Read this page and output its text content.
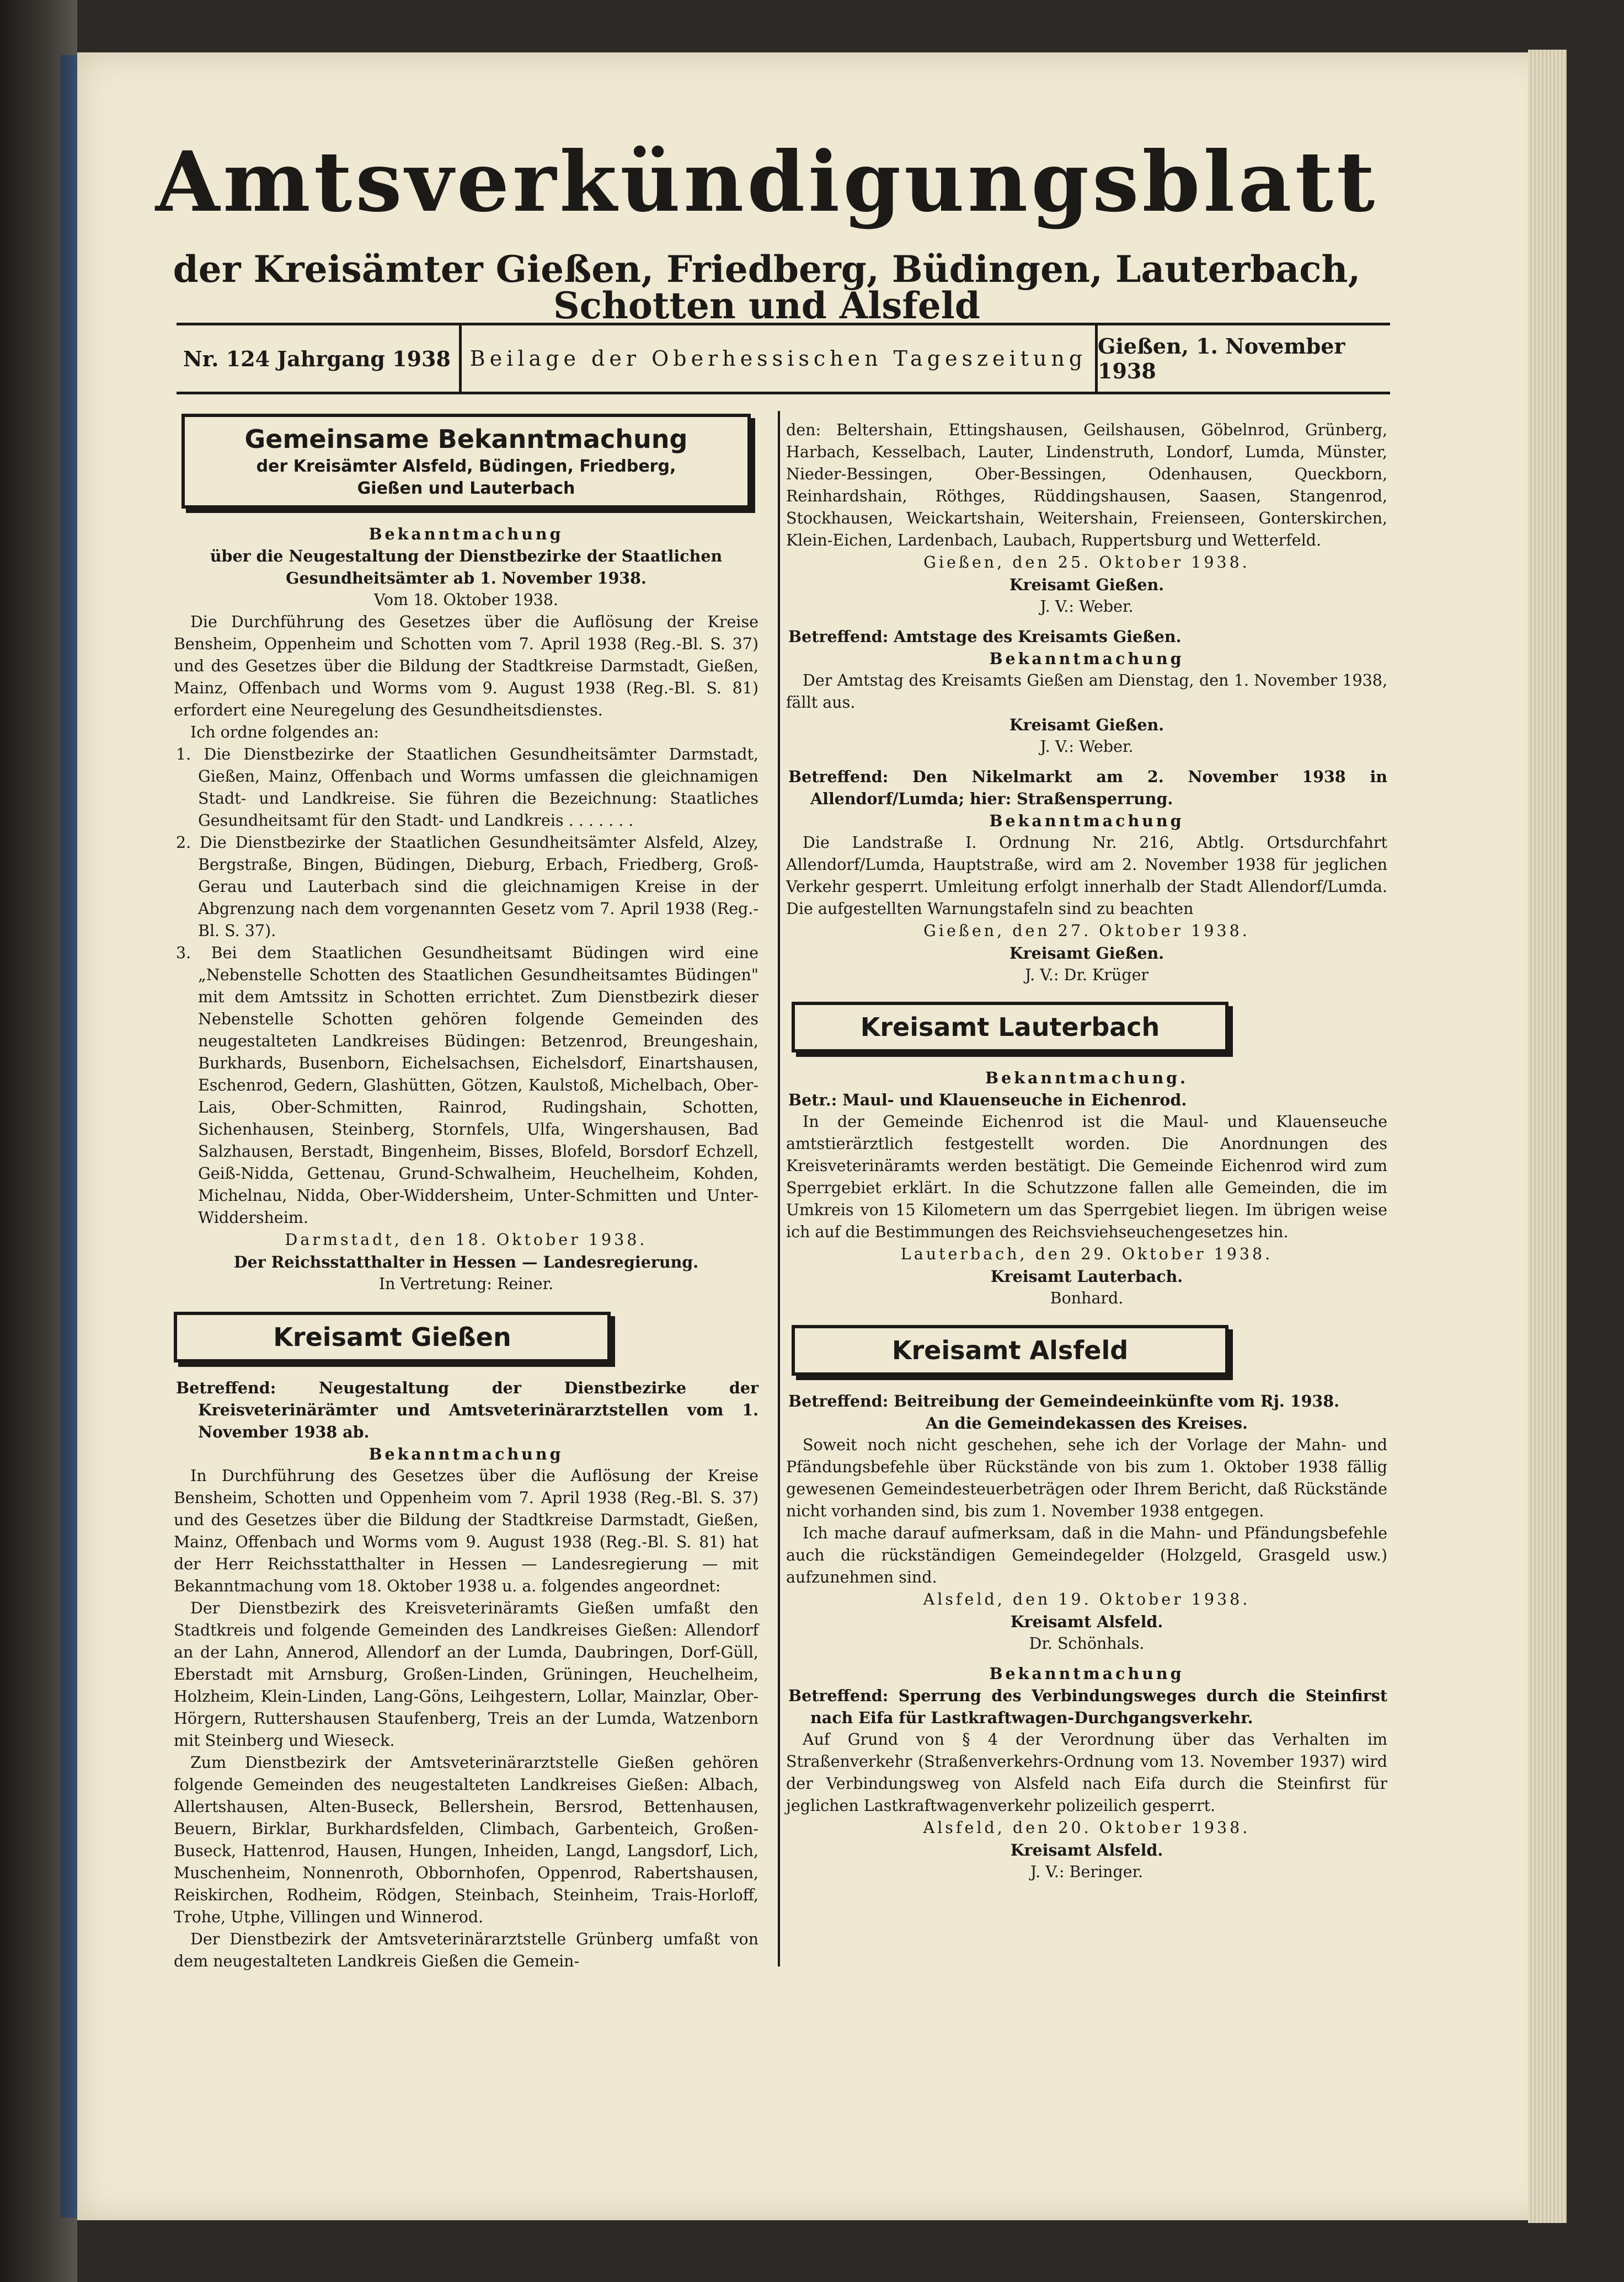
Amtsverkündigungsblatt
der Kreisämter Gießen, Friedberg, Büdingen, Lauterbach, Schotten und Alsfeld
Nr. 124 Jahrgang 1938 Beilage der Oberhessischen Tageszeitung Gießen, 1. November 1938
Gemeinsame Bekanntmachung
der Kreisämter Alsfeld, Büdingen, Friedberg,
Gießen und Lauterbach
Bekanntmachung
über die Neugestaltung der Dienstbezirke der Staatlichen
Gesundheitsämter ab 1. November 1938.
Vom 18. Oktober 1938.

Die Durchführung des Gesetzes über die Auflösung der Kreise Bensheim, Oppenheim und Schotten vom 7. April 1938 (Reg.-Bl. S. 37) und des Gesetzes über die Bildung der Stadtkreise Darmstadt, Gießen, Mainz, Offenbach und Worms vom 9. August 1938 (Reg.-Bl. S. 81) erfordert eine Neuregelung des Gesundheitsdienstes.

Ich ordne folgendes an:

1. Die Dienstbezirke der Staatlichen Gesundheitsämter Darmstadt, Gießen, Mainz, Offenbach und Worms umfassen die gleichnamigen Stadt- und Landkreise. Sie führen die Bezeichnung: Staatliches Gesundheitsamt für den Stadt- und Landkreis . . . . . . .

2. Die Dienstbezirke der Staatlichen Gesundheitsämter Alsfeld, Alzey, Bergstraße, Bingen, Büdingen, Dieburg, Erbach, Friedberg, Groß-Gerau und Lauterbach sind die gleichnamigen Kreise in der Abgrenzung nach dem vorgenannten Gesetz vom 7. April 1938 (Reg.-Bl. S. 37).

3. Bei dem Staatlichen Gesundheitsamt Büdingen wird eine „Nebenstelle Schotten des Staatlichen Gesundheitsamtes Büdingen" mit dem Amtssitz in Schotten errichtet. Zum Dienstbezirk dieser Nebenstelle Schotten gehören folgende Gemeinden des neugestalteten Landkreises Büdingen: Betzenrod, Breungeshain, Burkhards, Busenborn, Eichelsachsen, Eichelsdorf, Einartshausen, Eschenrod, Gedern, Glashütten, Götzen, Kaulstoß, Michelbach, Ober-Lais, Ober-Schmitten, Rainrod, Rudingshain, Schotten, Sichenhausen, Steinberg, Stornfels, Ulfa, Wingershausen, Bad Salzhausen, Berstadt, Bingenheim, Bisses, Blofeld, Borsdorf Echzell, Geiß-Nidda, Gettenau, Grund-Schwalheim, Heuchelheim, Kohden, Michelnau, Nidda, Ober-Widdersheim, Unter-Schmitten und Unter-Widdersheim.

Darmstadt, den 18. Oktober 1938.
Der Reichsstatthalter in Hessen — Landesregierung.
In Vertretung: Reiner.
Kreisamt Gießen

Betreffend: Neugestaltung der Dienstbezirke der Kreisveterinärämter und Amtsveterinärarztstellen vom 1. November 1938 ab.

Bekanntmachung

In Durchführung des Gesetzes über die Auflösung der Kreise Bensheim, Schotten und Oppenheim vom 7. April 1938 (Reg.-Bl. S. 37) und des Gesetzes über die Bildung der Stadtkreise Darmstadt, Gießen, Mainz, Offenbach und Worms vom 9. August 1938 (Reg.-Bl. S. 81) hat der Herr Reichsstatthalter in Hessen — Landesregierung — mit Bekanntmachung vom 18. Oktober 1938 u. a. folgendes angeordnet:

Der Dienstbezirk des Kreisveterinäramts Gießen umfaßt den Stadtkreis und folgende Gemeinden des Landkreises Gießen: Allendorf an der Lahn, Annerod, Allendorf an der Lumda, Daubringen, Dorf-Güll, Eberstadt mit Arnsburg, Großen-Linden, Grüningen, Heuchelheim, Holzheim, Klein-Linden, Lang-Göns, Leihgestern, Lollar, Mainzlar, Ober-Hörgern, Ruttershausen Staufenberg, Treis an der Lumda, Watzenborn mit Steinberg und Wieseck.

Zum Dienstbezirk der Amtsveterinärarztstelle Gießen gehören folgende Gemeinden des neugestalteten Landkreises Gießen: Albach, Allertshausen, Alten-Buseck, Bellershein, Bersrod, Bettenhausen, Beuern, Birklar, Burkhardsfelden, Climbach, Garbenteich, Großen-Buseck, Hattenrod, Hausen, Hungen, Inheiden, Langd, Langsdorf, Lich, Muschenheim, Nonnenroth, Obbornhofen, Oppenrod, Rabertshausen, Reiskirchen, Rodheim, Rödgen, Steinbach, Steinheim, Trais-Horloff, Trohe, Utphe, Villingen und Winnerod.

Der Dienstbezirk der Amtsveterinärarztstelle Grünberg umfaßt von dem neugestalteten Landkreis Gießen die Gemein-

den: Beltershain, Ettingshausen, Geilshausen, Göbelnrod, Grünberg, Harbach, Kesselbach, Lauter, Lindenstruth, Londorf, Lumda, Münster, Nieder-Bessingen, Ober-Bessingen, Odenhausen, Queckborn, Reinhardshain, Röthges, Rüddingshausen, Saasen, Stangenrod, Stockhausen, Weickartshain, Weitershain, Freienseen, Gonterskirchen, Klein-Eichen, Lardenbach, Laubach, Ruppertsburg und Wetterfeld.

Gießen, den 25. Oktober 1938.
Kreisamt Gießen.
J. V.: Weber.

Betreffend: Amtstage des Kreisamts Gießen.

Bekanntmachung

Der Amtstag des Kreisamts Gießen am Dienstag, den 1. November 1938, fällt aus.

Kreisamt Gießen.
J. V.: Weber.

Betreffend: Den Nikelmarkt am 2. November 1938 in Allendorf/Lumda; hier: Straßensperrung.

Bekanntmachung

Die Landstraße I. Ordnung Nr. 216, Abtlg. Ortsdurchfahrt Allendorf/Lumda, Hauptstraße, wird am 2. November 1938 für jeglichen Verkehr gesperrt. Umleitung erfolgt innerhalb der Stadt Allendorf/Lumda. Die aufgestellten Warnungstafeln sind zu beachten

Gießen, den 27. Oktober 1938.
Kreisamt Gießen.
J. V.: Dr. Krüger
Kreisamt Lauterbach
Bekanntmachung.

Betr.: Maul- und Klauenseuche in Eichenrod.

In der Gemeinde Eichenrod ist die Maul- und Klauenseuche amtstierärztlich festgestellt worden. Die Anordnungen des Kreisveterinäramts werden bestätigt. Die Gemeinde Eichenrod wird zum Sperrgebiet erklärt. In die Schutzzone fallen alle Gemeinden, die im Umkreis von 15 Kilometern um das Sperrgebiet liegen. Im übrigen weise ich auf die Bestimmungen des Reichsviehseuchengesetzes hin.

Lauterbach, den 29. Oktober 1938.
Kreisamt Lauterbach.
Bonhard.
Kreisamt Alsfeld

Betreffend: Beitreibung der Gemeindeeinkünfte vom Rj. 1938.

An die Gemeindekassen des Kreises.

Soweit noch nicht geschehen, sehe ich der Vorlage der Mahn- und Pfändungsbefehle über Rückstände von bis zum 1. Oktober 1938 fällig gewesenen Gemeindesteuerbeträgen oder Ihrem Bericht, daß Rückstände nicht vorhanden sind, bis zum 1. November 1938 entgegen.

Ich mache darauf aufmerksam, daß in die Mahn- und Pfändungsbefehle auch die rückständigen Gemeindegelder (Holzgeld, Grasgeld usw.) aufzunehmen sind.

Alsfeld, den 19. Oktober 1938.
Kreisamt Alsfeld.
Dr. Schönhals.
Bekanntmachung

Betreffend: Sperrung des Verbindungsweges durch die Steinfirst nach Eifa für Lastkraftwagen-Durchgangsverkehr.

Auf Grund von § 4 der Verordnung über das Verhalten im Straßenverkehr (Straßenverkehrs-Ordnung vom 13. November 1937) wird der Verbindungsweg von Alsfeld nach Eifa durch die Steinfirst für jeglichen Lastkraftwagenverkehr polizeilich gesperrt.

Alsfeld, den 20. Oktober 1938.
Kreisamt Alsfeld.
J. V.: Beringer.
